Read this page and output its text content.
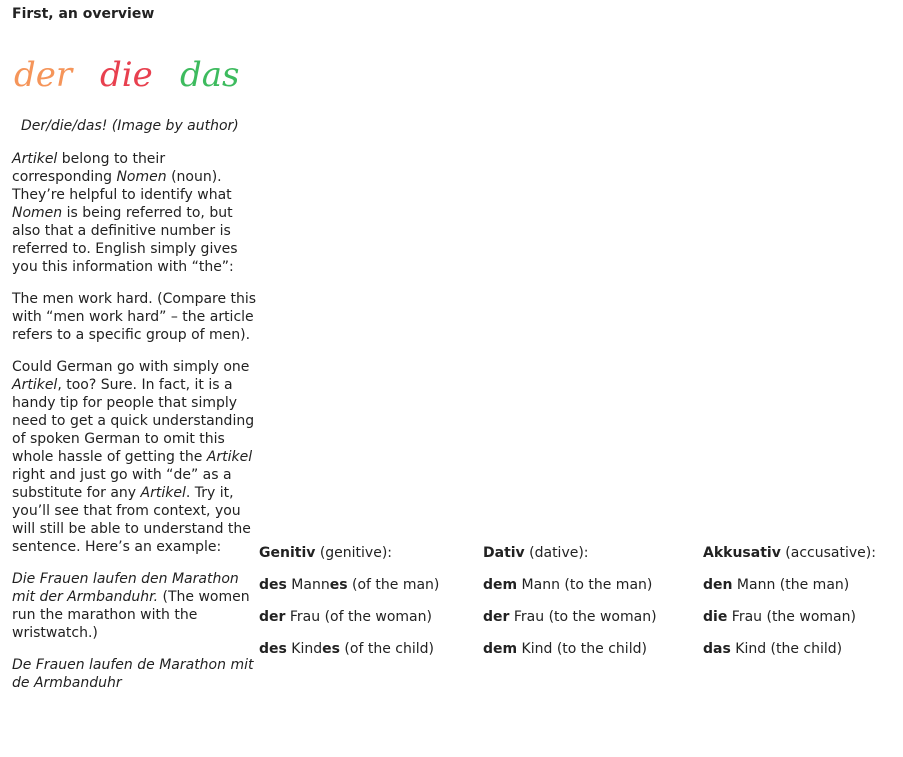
First, an overview
der die das
Der/die/das! (Image by author)

Artikel belong to their corresponding Nomen (noun). They’re helpful to identify what Nomen is being referred to, but also that a definitive number is referred to. English simply gives you this information with “the”:

The men work hard. (Compare this with “men work hard” – the article refers to a specific group of men).

Could German go with simply one Artikel, too? Sure. In fact, it is a handy tip for people that simply need to get a quick understanding of spoken German to omit this whole hassle of getting the Artikel right and just go with “de” as a substitute for any Artikel. Try it, you’ll see that from context, you will still be able to understand the sentence. Here’s an example:

Die Frauen laufen den Marathon mit der Armbanduhr. (The women run the marathon with the wristwatch.)

De Frauen laufen de Marathon mit de Armbanduhr

Genitiv (genitive):
des Mannes (of the man)
der Frau (of the woman)
des Kindes (of the child)
Dativ (dative):
dem Mann (to the man)
der Frau (to the woman)
dem Kind (to the child)
Akkusativ (accusative):
den Mann (the man)
die Frau (the woman)
das Kind (the child)
